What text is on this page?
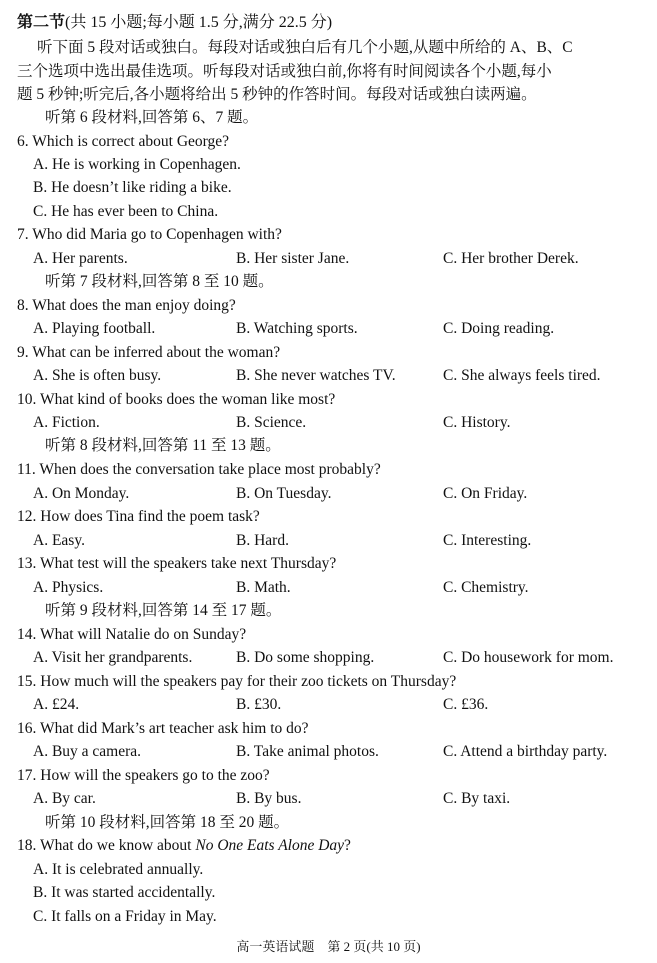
第二节(共 15 小题;每小题 1.5 分,满分 22.5 分)
听下面 5 段对话或独白。每段对话或独白后有几个小题,从题中所给的 A、B、C
三个选项中选出最佳选项。听每段对话或独白前,你将有时间阅读各个小题,每小
题 5 秒钟;听完后,各小题将给出 5 秒钟的作答时间。每段对话或独白读两遍。
听第 6 段材料,回答第 6、7 题。
6. Which is correct about George?
A. He is working in Copenhagen.
B. He doesn’t like riding a bike.
C. He has ever been to China.
7. Who did Maria go to Copenhagen with?
A. Her parents.	B. Her sister Jane.	C. Her brother Derek.
听第 7 段材料,回答第 8 至 10 题。
8. What does the man enjoy doing?
A. Playing football.	B. Watching sports.	C. Doing reading.
9. What can be inferred about the woman?
A. She is often busy.	B. She never watches TV.	C. She always feels tired.
10. What kind of books does the woman like most?
A. Fiction.	B. Science.	C. History.
听第 8 段材料,回答第 11 至 13 题。
11. When does the conversation take place most probably?
A. On Monday.	B. On Tuesday.	C. On Friday.
12. How does Tina find the poem task?
A. Easy.	B. Hard.	C. Interesting.
13. What test will the speakers take next Thursday?
A. Physics.	B. Math.	C. Chemistry.
听第 9 段材料,回答第 14 至 17 题。
14. What will Natalie do on Sunday?
A. Visit her grandparents.	B. Do some shopping.	C. Do housework for mom.
15. How much will the speakers pay for their zoo tickets on Thursday?
A. £24.	B. £30.	C. £36.
16. What did Mark’s art teacher ask him to do?
A. Buy a camera.	B. Take animal photos.	C. Attend a birthday party.
17. How will the speakers go to the zoo?
A. By car.	B. By bus.	C. By taxi.
听第 10 段材料,回答第 18 至 20 题。
18. What do we know about No One Eats Alone Day?
A. It is celebrated annually.
B. It was started accidentally.
C. It falls on a Friday in May.
高一英语试题　第 2 页(共 10 页)
